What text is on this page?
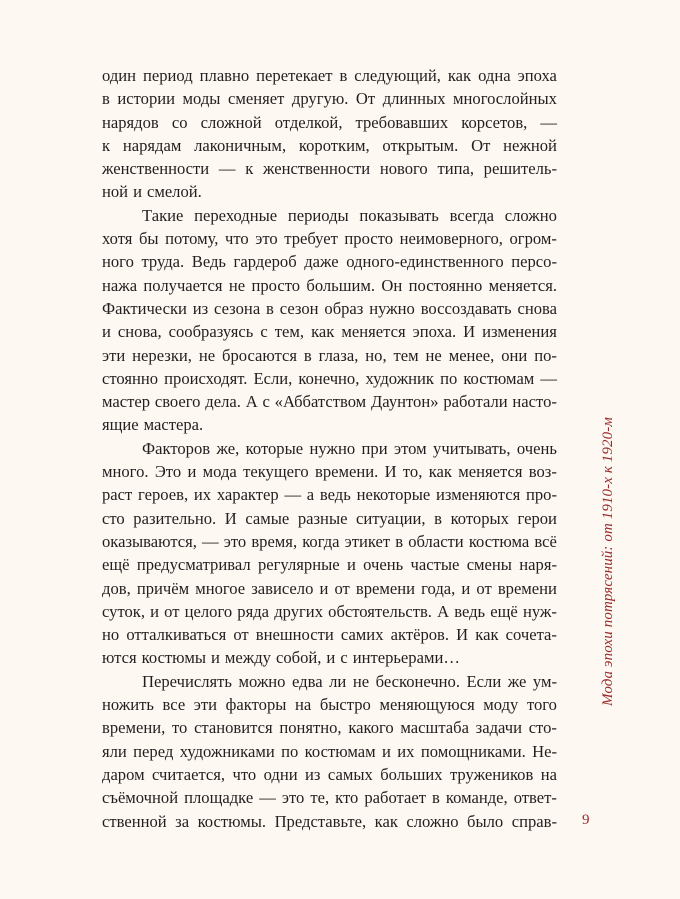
один период плавно перетекает в следующий, как одна эпоха
в истории моды сменяет другую. От длинных многослойных
нарядов со сложной отделкой, требовавших корсетов, —
к нарядам лаконичным, коротким, открытым. От нежной
женственности — к женственности нового типа, решитель-
ной и смелой.
Такие переходные периоды показывать всегда сложно
хотя бы потому, что это требует просто неимоверного, огром-
ного труда. Ведь гардероб даже одного-единственного персо-
нажа получается не просто большим. Он постоянно меняется.
Фактически из сезона в сезон образ нужно воссоздавать снова
и снова, сообразуясь с тем, как меняется эпоха. И изменения
эти нерезки, не бросаются в глаза, но, тем не менее, они по-
стоянно происходят. Если, конечно, художник по костюмам —
мастер своего дела. А с «Аббатством Даунтон» работали насто-
ящие мастера.
Факторов же, которые нужно при этом учитывать, очень
много. Это и мода текущего времени. И то, как меняется воз-
раст героев, их характер — а ведь некоторые изменяются про-
сто разительно. И самые разные ситуации, в которых герои
оказываются, — это время, когда этикет в области костюма всё
ещё предусматривал регулярные и очень частые смены наря-
дов, причём многое зависело и от времени года, и от времени
суток, и от целого ряда других обстоятельств. А ведь ещё нуж-
но отталкиваться от внешности самих актёров. И как сочета-
ются костюмы и между собой, и с интерьерами…
Перечислять можно едва ли не бесконечно. Если же ум-
ножить все эти факторы на быстро меняющуюся моду того
времени, то становится понятно, какого масштаба задачи сто-
яли перед художниками по костюмам и их помощниками. Не-
даром считается, что одни из самых больших тружеников на
съёмочной площадке — это те, кто работает в команде, ответ-
ственной за костюмы. Представьте, как сложно было справ-
Мода эпохи потрясений: от 1910-х к 1920-м
9
